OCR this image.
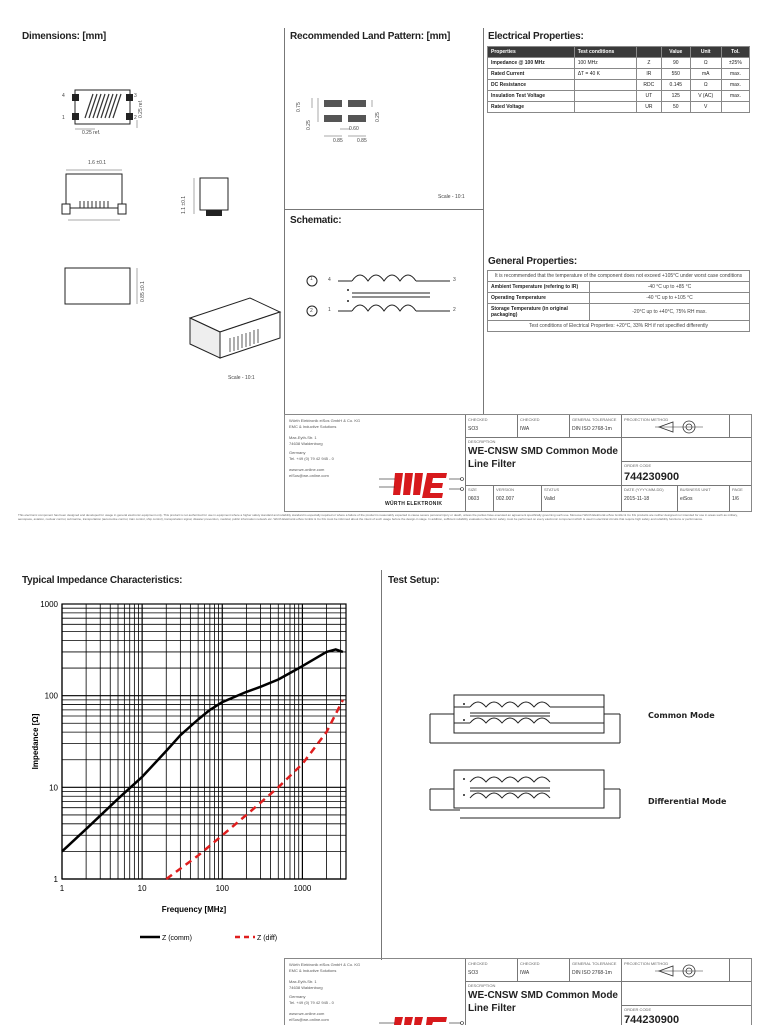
Dimensions: [mm]	Recommended Land Pattern: [mm]	Electrical Properties:
Schematic:
General Properties:
4
1
3
2
0.25 ref.
0.25 ref.
1.6 ±0.1
1.1 ±0.1
0.85 ±0.1
Scale - 10:1
0.75
0.25	0.60
0.85	0.85
0.25
Scale - 10:1
1
2
4
1
3
2
Properties	Test conditions		Value	Unit	Tol.
Impedance @ 100 MHz	100 MHz	Z	90	Ω	±25%
Rated Current	ΔT = 40 K	IR	550	mA	max.
DC Resistance		RDC	0.145	Ω	max.
Insulation Test Voltage		UT	125	V (AC)	max.
Rated Voltage		UR	50	V	
It is recommended that the temperature of the component does not exceed +105°C under worst case conditions	
Ambient Temperature (refering to IR)	-40 °C up to +85 °C
Operating Temperature	-40 °C up to +105 °C
Storage Temperature (in original packaging)	-20°C up to +40°C, 75% RH max.
Test conditions of Electrical Properties: +20°C, 33% RH if not specified differently	
Würth Elektronik eiSos GmbH & Co. KG
EMC & Inductive Solutions
Max-Eyth-Str. 1
74638 Waldenburg
Germany
Tel. +49 (0) 79 42 945 - 0
www.we-online.com
eiSos@we-online.com
WÜRTH ELEKTRONIK
CHECKED
SO3
CHECKED
IWA
GENERAL TOLERANCE
DIN ISO 2768-1m
PROJECTION METHOD
DESCRIPTION
WE-CNSW SMD Common Mode
Line Filter	ORDER CODE
744230900
SIZE
0603
VERSION
002.007
STATUS
Valid
DATE (YYYY-MM-DD)
2015-11-18
BUSINESS UNIT
eiSos
PAGE
1/6
This electronic component has been designed and developed for usage in general electronic equipment only. This product is not authorized for use in equipment where a higher safety standard and reliability standard is especially required or where a failure of the product is reasonably expected to cause severe personal injury or death, unless the parties have executed an agreement specifically governing such use. Moreover Würth Elektronik eiSos GmbH & Co KG products are neither designed nor intended for use in areas such as military, aerospace, aviation, nuclear control, submarine, transportation (automotive control, train control, ship control), transportation signal, disaster prevention, medical, public information network etc. Würth Elektronik eiSos GmbH & Co KG must be informed about the intent of such usage before the design-in stage. In addition, sufficient reliability evaluation checks for safety must be performed on every electronic component which is used in electrical circuits that require high safety and reliability functions or performance.
Typical Impedance Characteristics:	Test Setup:
1	10	100	1000
1
10
100
1000
Frequency [MHz]
Impedance [Ω]
Z (comm)	Z (diff)
Common Mode
Differential Mode
Würth Elektronik eiSos GmbH & Co. KG
EMC & Inductive Solutions
Max-Eyth-Str. 1
74638 Waldenburg
Germany
Tel. +49 (0) 79 42 945 - 0
www.we-online.com
eiSos@we-online.com
CHECKED
SO3
CHECKED
IWA
GENERAL TOLERANCE
DIN ISO 2768-1m
PROJECTION METHOD
DESCRIPTION
WE-CNSW SMD Common Mode
Line Filter	ORDER CODE
744230900
